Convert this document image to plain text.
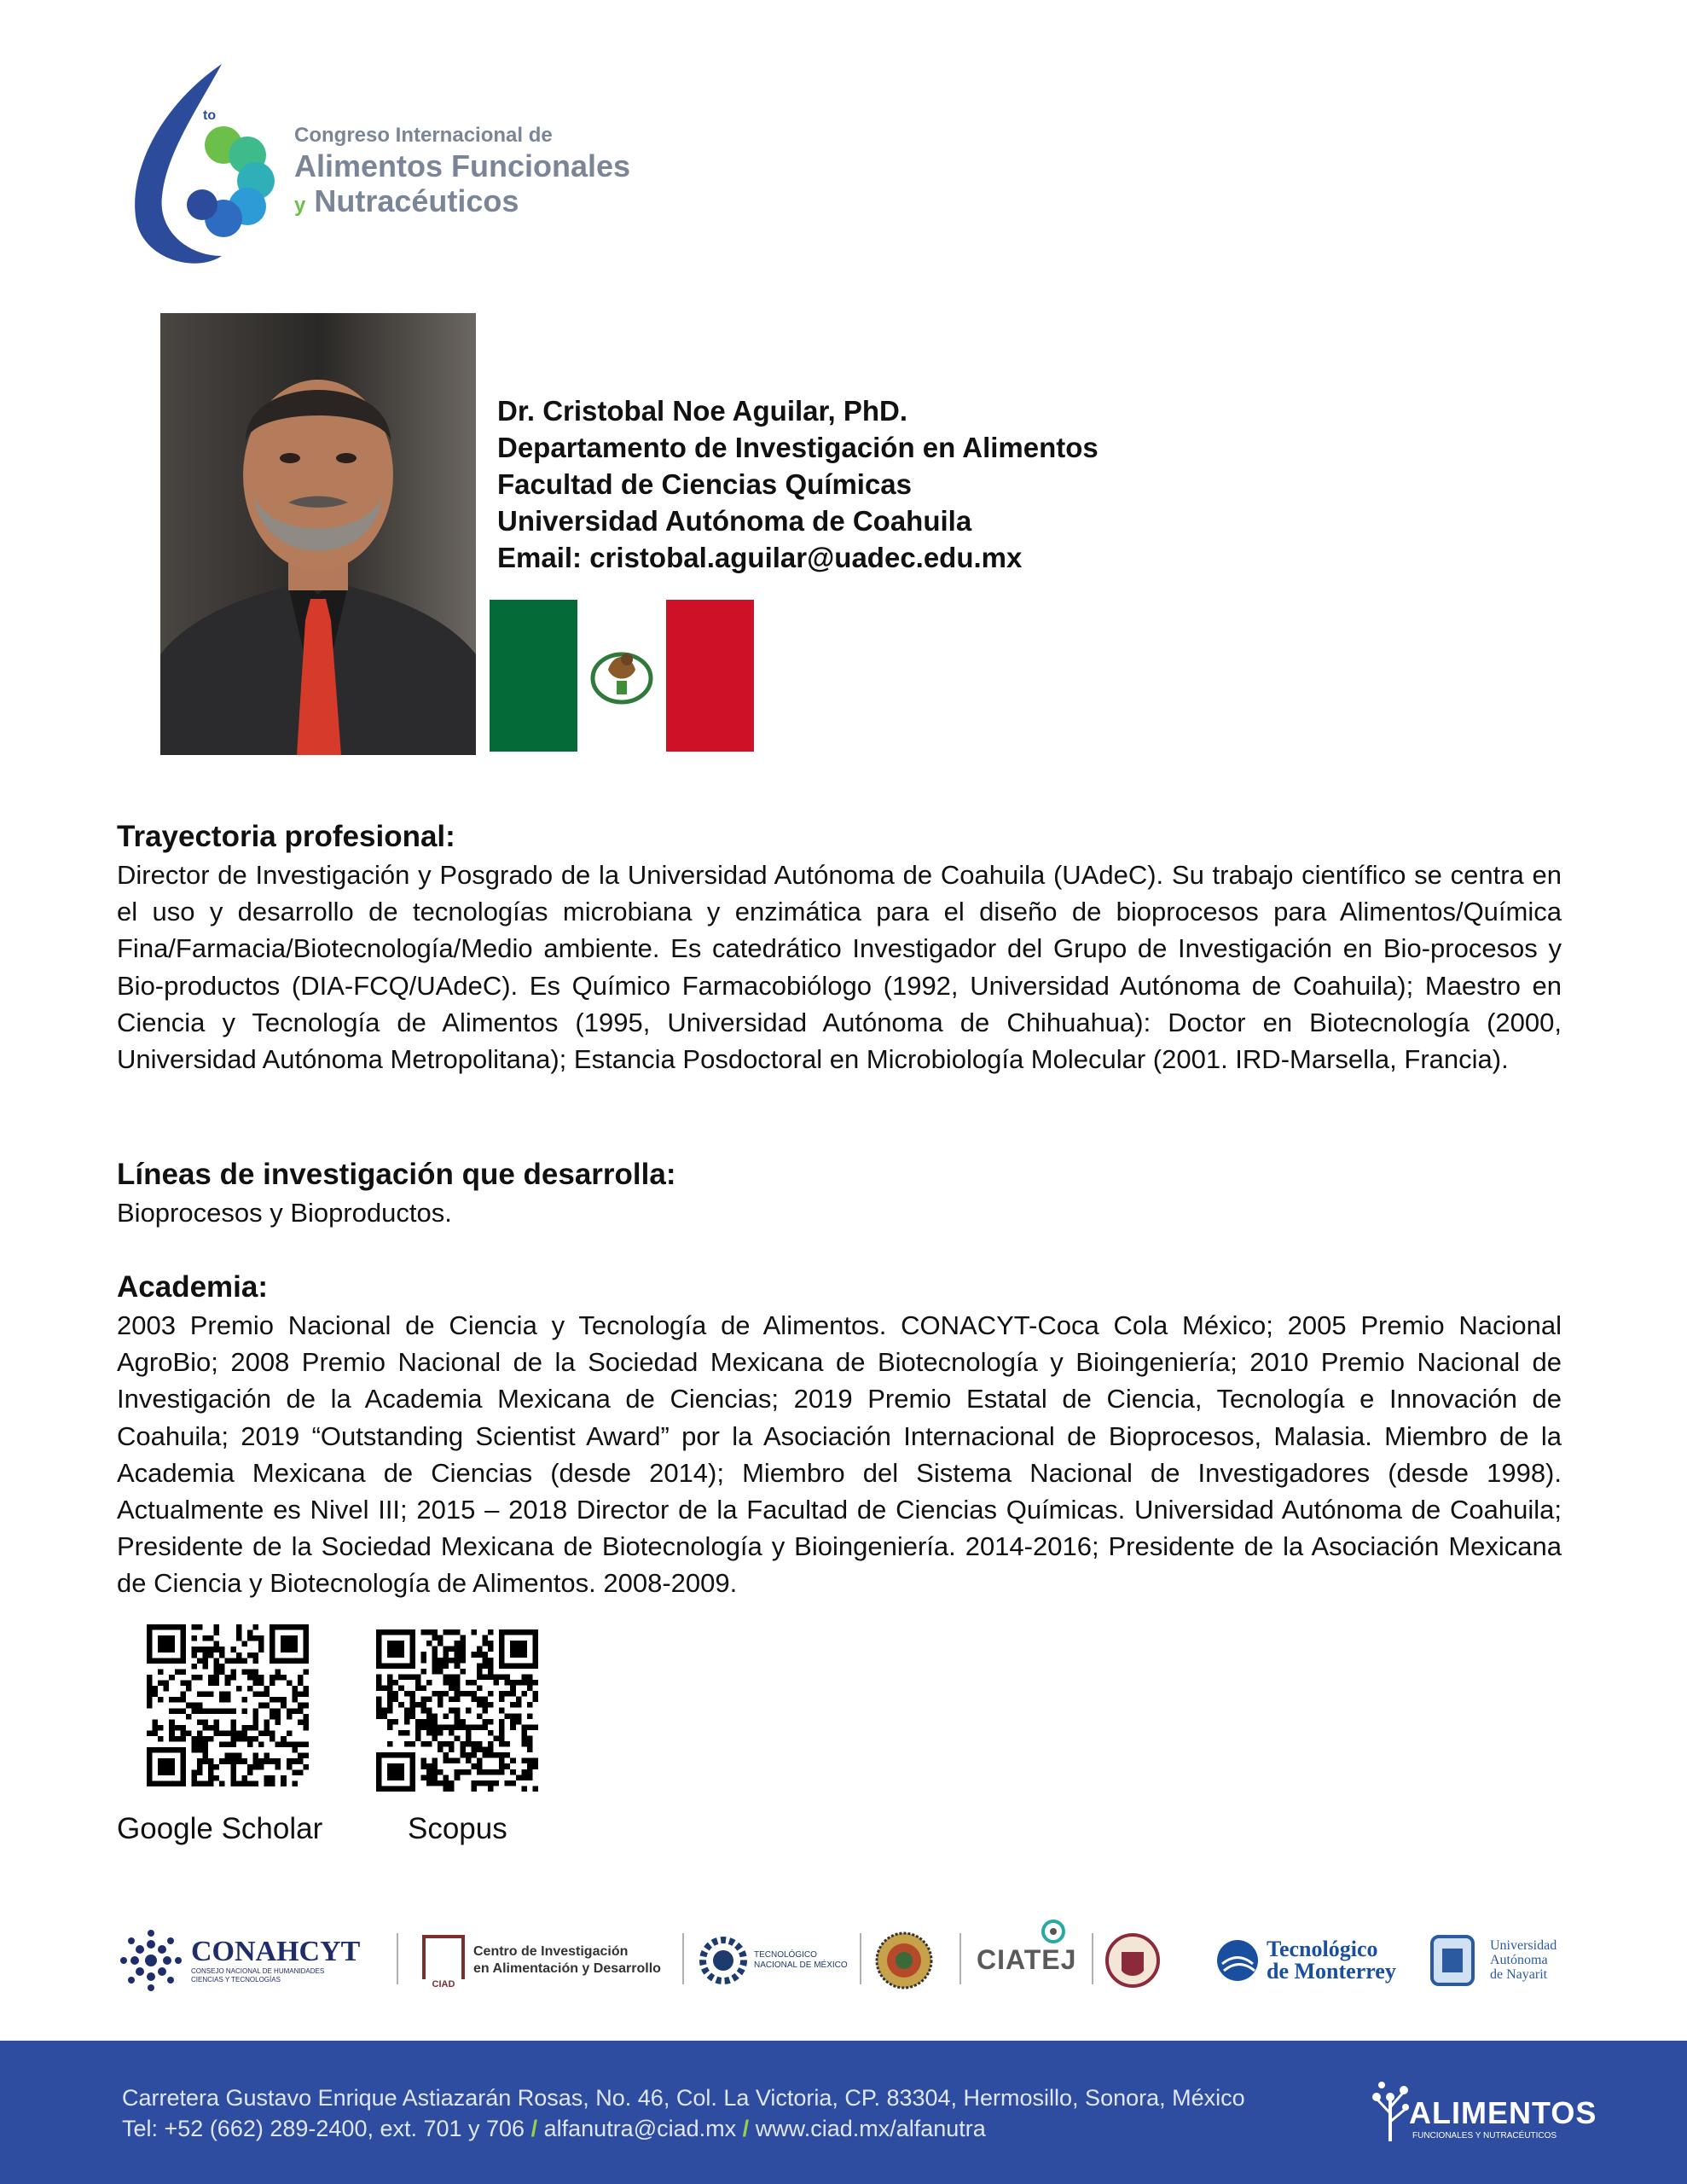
to
Congreso Internacional de
Alimentos Funcionales
y Nutracéuticos
Dr. Cristobal Noe Aguilar, PhD.
Departamento de Investigación en Alimentos
Facultad de Ciencias Químicas
Universidad Autónoma de Coahuila
Email: cristobal.aguilar@uadec.edu.mx
Trayectoria profesional:
Director de Investigación y Posgrado de la Universidad Autónoma de Coahuila (UAdeC). Su trabajo científico se centra en el uso y desarrollo de tecnologías microbiana y enzimática para el diseño de bioprocesos para Alimentos/Química Fina/Farmacia/Biotecnología/Medio ambiente. Es catedrático Investigador del Grupo de Investigación en Bio-procesos y Bio-productos (DIA-FCQ/UAdeC). Es Químico Farmacobiólogo (1992, Universidad Autónoma de Coahuila); Maestro en Ciencia y Tecnología de Alimentos (1995, Universidad Autónoma de Chihuahua): Doctor en Biotecnología (2000, Universidad Autónoma Metropolitana); Estancia Posdoctoral en Microbiología Molecular (2001. IRD-Marsella, Francia).
Líneas de investigación que desarrolla:
Bioprocesos y Bioproductos.
Academia:
2003 Premio Nacional de Ciencia y Tecnología de Alimentos. CONACYT-Coca Cola México; 2005 Premio Nacional AgroBio; 2008 Premio Nacional de la Sociedad Mexicana de Biotecnología y Bioingeniería; 2010 Premio Nacional de Investigación de la Academia Mexicana de Ciencias; 2019 Premio Estatal de Ciencia, Tecnología e Innovación de Coahuila; 2019 “Outstanding Scientist Award” por la Asociación Internacional de Bioprocesos, Malasia. Miembro de la Academia Mexicana de Ciencias (desde 2014); Miembro del Sistema Nacional de Investigadores (desde 1998). Actualmente es Nivel III; 2015 – 2018 Director de la Facultad de Ciencias Químicas. Universidad Autónoma de Coahuila; Presidente de la Sociedad Mexicana de Biotecnología y Bioingeniería. 2014-2016; Presidente de la Asociación Mexicana de Ciencia y Biotecnología de Alimentos. 2008-2009.
Google Scholar	Scopus
CONAHCYT
CONSEJO NACIONAL DE HUMANIDADES
CIENCIAS Y TECNOLOGÍAS	CIAD
Centro de Investigación
en Alimentación y Desarrollo
TECNOLÓGICO
NACIONAL DE MÉXICO	CIATEJ	Tecnológico
de Monterrey
Universidad
Autónoma
de Nayarit
Carretera Gustavo Enrique Astiazarán Rosas, No. 46, Col. La Victoria, CP. 83304, Hermosillo, Sonora, México
Tel: +52 (662) 289-2400, ext. 701 y 706 / alfanutra@ciad.mx / www.ciad.mx/alfanutra	ALIMENTOS
FUNCIONALES Y NUTRACÉUTICOS
